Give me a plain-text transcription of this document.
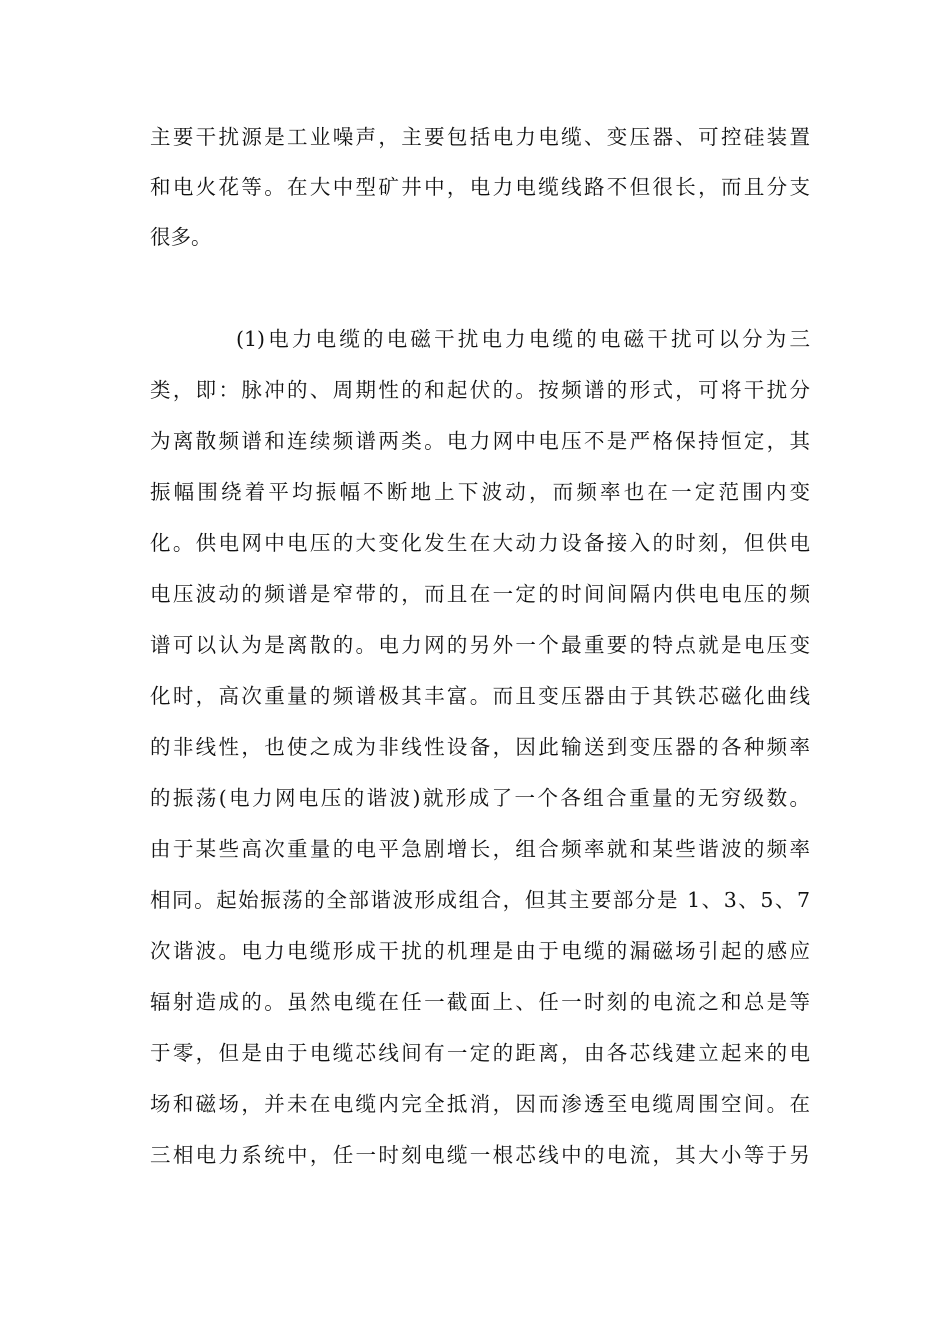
主要干扰源是工业噪声，主要包括电力电缆、变压器、可控硅装置
和电火花等。在大中型矿井中，电力电缆线路不但很长，而且分支
很多。
(1)电力电缆的电磁干扰电力电缆的电磁干扰可以分为三
类，即：脉冲的、周期性的和起伏的。按频谱的形式，可将干扰分
为离散频谱和连续频谱两类。电力网中电压不是严格保持恒定，其
振幅围绕着平均振幅不断地上下波动，而频率也在一定范围内变
化。供电网中电压的大变化发生在大动力设备接入的时刻，但供电
电压波动的频谱是窄带的，而且在一定的时间间隔内供电电压的频
谱可以认为是离散的。电力网的另外一个最重要的特点就是电压变
化时，高次重量的频谱极其丰富。而且变压器由于其铁芯磁化曲线
的非线性，也使之成为非线性设备，因此输送到变压器的各种频率
的振荡(电力网电压的谐波)就形成了一个各组合重量的无穷级数。
由于某些高次重量的电平急剧增长，组合频率就和某些谐波的频率
相同。起始振荡的全部谐波形成组合，但其主要部分是 1、3、5、7
次谐波。电力电缆形成干扰的机理是由于电缆的漏磁场引起的感应
辐射造成的。虽然电缆在任一截面上、任一时刻的电流之和总是等
于零，但是由于电缆芯线间有一定的距离，由各芯线建立起来的电
场和磁场，并未在电缆内完全抵消，因而渗透至电缆周围空间。在
三相电力系统中，任一时刻电缆一根芯线中的电流，其大小等于另
